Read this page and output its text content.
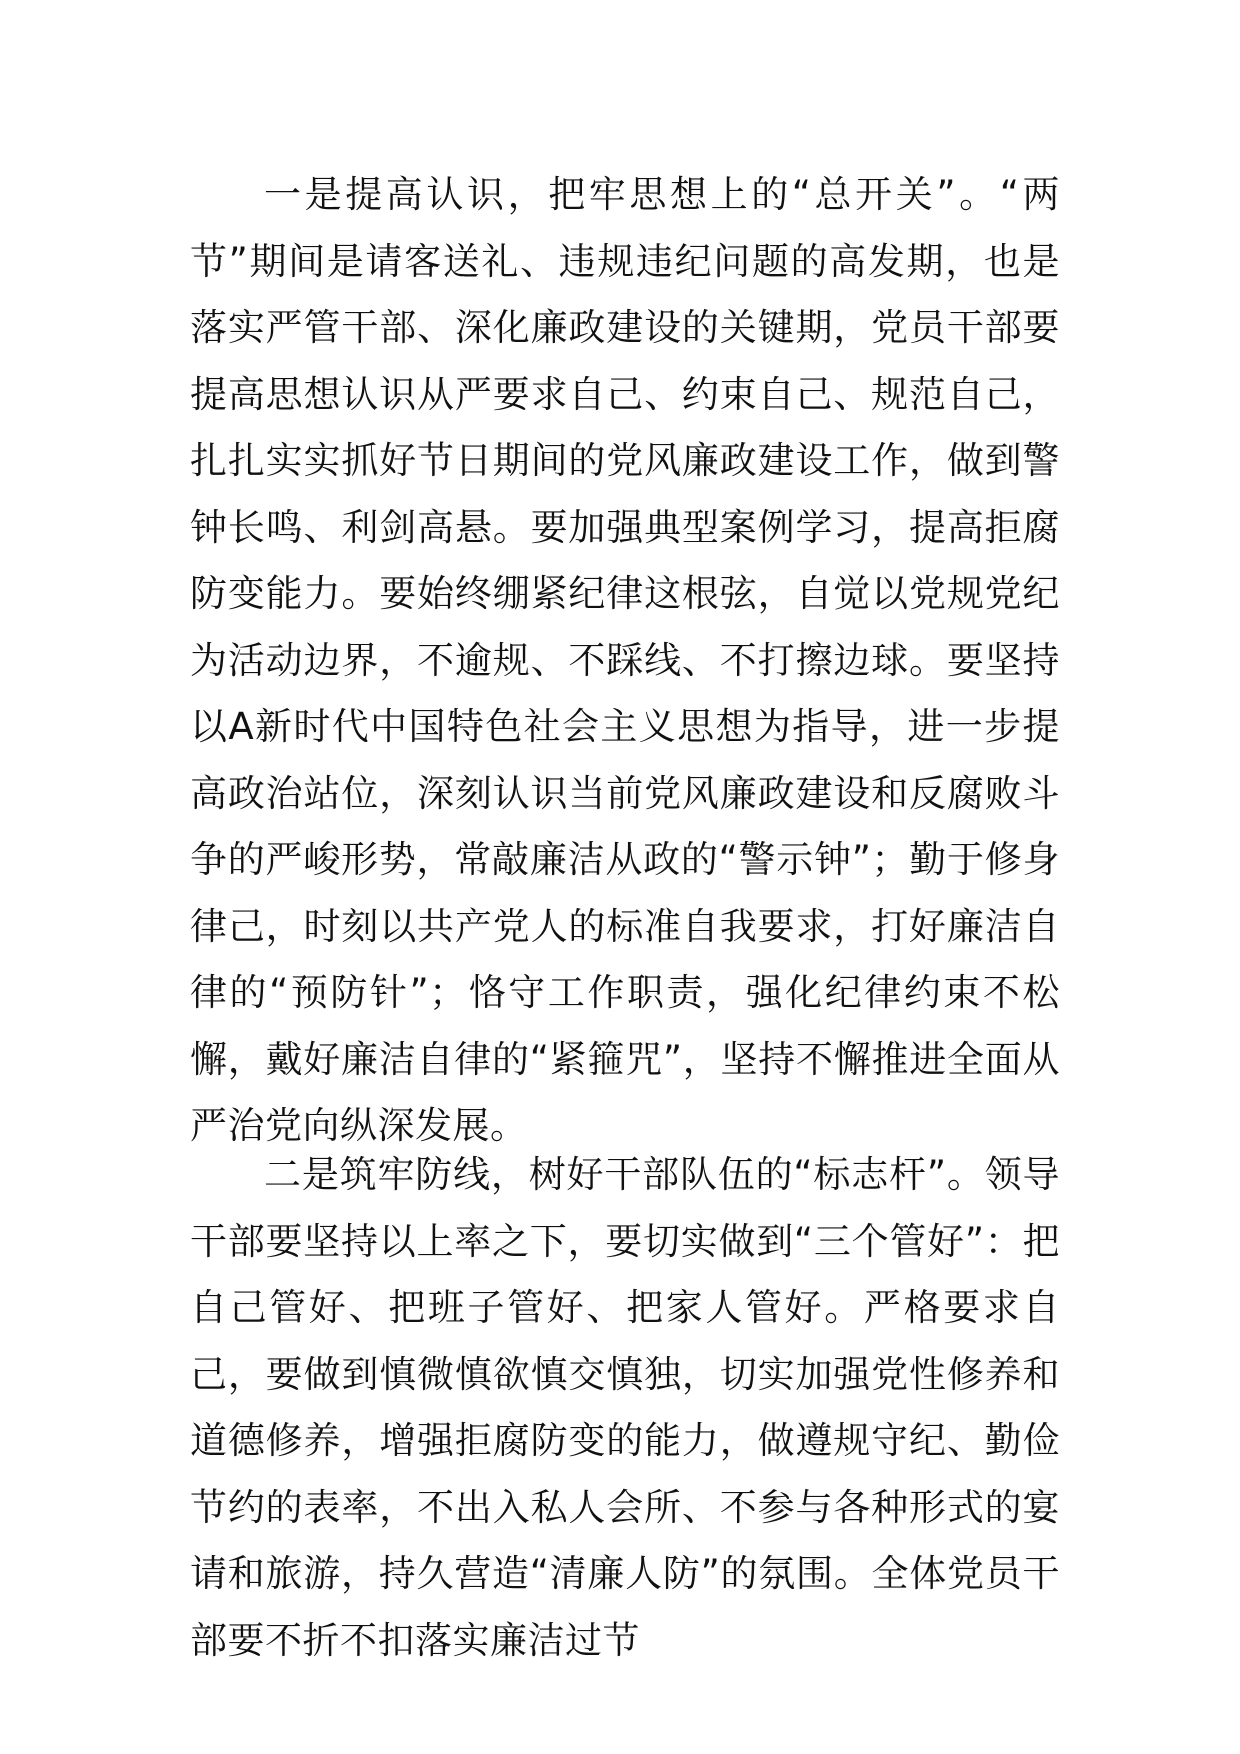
一是提高认识，把牢思想上的“总开关”。“两节”期间是请客送礼、违规违纪问题的高发期，也是落实严管干部、深化廉政建设的关键期，党员干部要提高思想认识从严要求自己、约束自己、规范自己，扎扎实实抓好节日期间的党风廉政建设工作，做到警钟长鸣、利剑高悬。要加强典型案例学习，提高拒腐防变能力。要始终绷紧纪律这根弦，自觉以党规党纪为活动边界，不逾规、不踩线、不打擦边球。要坚持以A新时代中国特色社会主义思想为指导，进一步提高政治站位，深刻认识当前党风廉政建设和反腐败斗争的严峻形势，常敲廉洁从政的“警示钟”；勤于修身律己，时刻以共产党人的标准自我要求，打好廉洁自律的“预防针”；恪守工作职责，强化纪律约束不松懈，戴好廉洁自律的“紧箍咒”，坚持不懈推进全面从严治党向纵深发展。

二是筑牢防线，树好干部队伍的“标志杆”。领导干部要坚持以上率之下，要切实做到“三个管好”：把自己管好、把班子管好、把家人管好。严格要求自己，要做到慎微慎欲慎交慎独，切实加强党性修养和道德修养，增强拒腐防变的能力，做遵规守纪、勤俭节约的表率，不出入私人会所、不参与各种形式的宴请和旅游，持久营造“清廉人防”的氛围。全体党员干部要不折不扣落实廉洁过节
